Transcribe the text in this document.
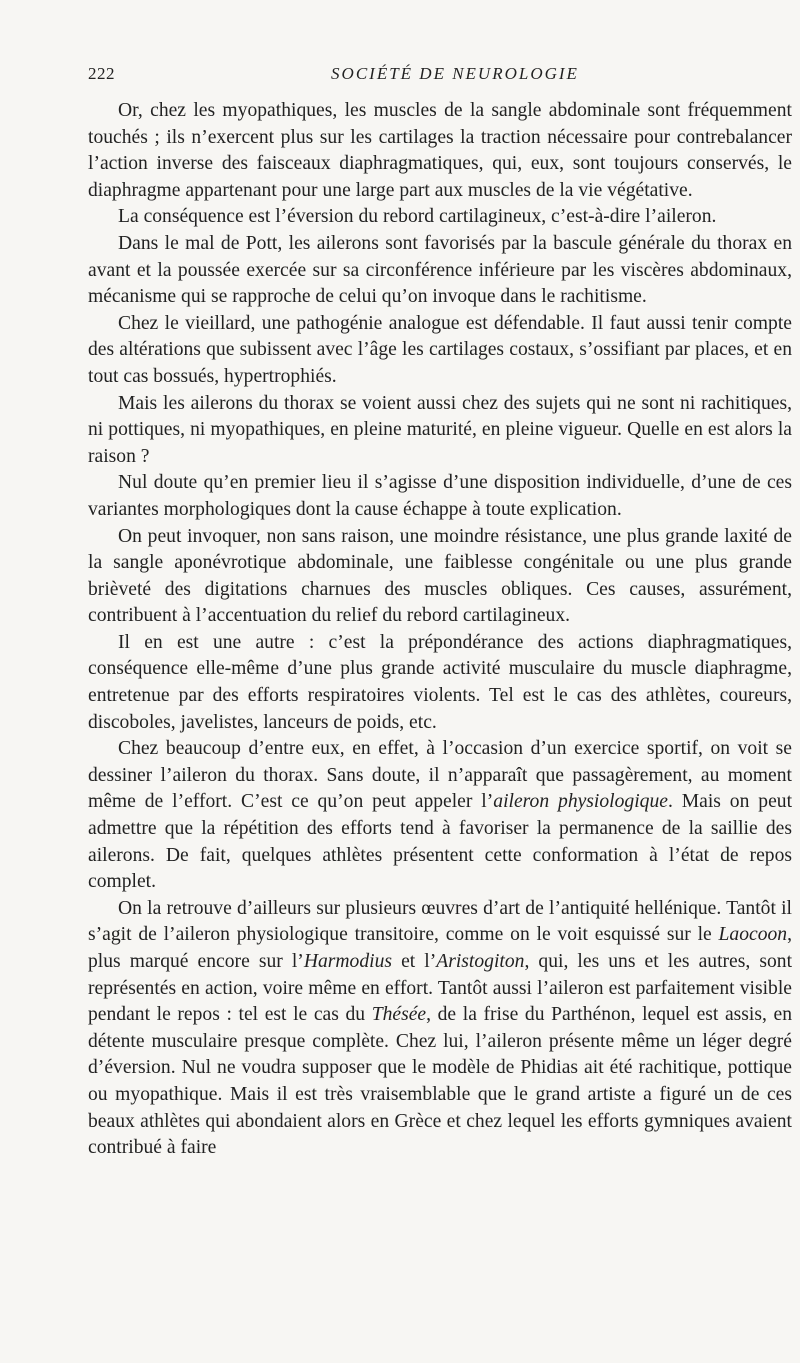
222	SOCIÉTÉ DE NEUROLOGIE

Or, chez les myopathiques, les muscles de la sangle abdominale sont fréquemment touchés ; ils n’exercent plus sur les cartilages la traction nécessaire pour contrebalancer l’action inverse des faisceaux diaphragmatiques, qui, eux, sont toujours conservés, le diaphragme appartenant pour une large part aux muscles de la vie végétative.

La conséquence est l’éversion du rebord cartilagineux, c’est-à-dire l’aileron.

Dans le mal de Pott, les ailerons sont favorisés par la bascule générale du thorax en avant et la poussée exercée sur sa circonférence inférieure par les viscères abdominaux, mécanisme qui se rapproche de celui qu’on invoque dans le rachitisme.

Chez le vieillard, une pathogénie analogue est défendable. Il faut aussi tenir compte des altérations que subissent avec l’âge les cartilages costaux, s’ossifiant par places, et en tout cas bossués, hypertrophiés.

Mais les ailerons du thorax se voient aussi chez des sujets qui ne sont ni rachitiques, ni pottiques, ni myopathiques, en pleine maturité, en pleine vigueur. Quelle en est alors la raison ?

Nul doute qu’en premier lieu il s’agisse d’une disposition individuelle, d’une de ces variantes morphologiques dont la cause échappe à toute explication.

On peut invoquer, non sans raison, une moindre résistance, une plus grande laxité de la sangle aponévrotique abdominale, une faiblesse congénitale ou une plus grande brièveté des digitations charnues des muscles obliques. Ces causes, assurément, contribuent à l’accentuation du relief du rebord cartilagineux.

Il en est une autre : c’est la prépondérance des actions diaphragmatiques, conséquence elle-même d’une plus grande activité musculaire du muscle diaphragme, entretenue par des efforts respiratoires violents. Tel est le cas des athlètes, coureurs, discoboles, javelistes, lanceurs de poids, etc.

Chez beaucoup d’entre eux, en effet, à l’occasion d’un exercice sportif, on voit se dessiner l’aileron du thorax. Sans doute, il n’apparaît que passagèrement, au moment même de l’effort. C’est ce qu’on peut appeler l’aileron physiologique. Mais on peut admettre que la répétition des efforts tend à favoriser la permanence de la saillie des ailerons. De fait, quelques athlètes présentent cette conformation à l’état de repos complet.

On la retrouve d’ailleurs sur plusieurs œuvres d’art de l’antiquité hellénique. Tantôt il s’agit de l’aileron physiologique transitoire, comme on le voit esquissé sur le Laocoon, plus marqué encore sur l’Harmodius et l’Aristogiton, qui, les uns et les autres, sont représentés en action, voire même en effort. Tantôt aussi l’aileron est parfaitement visible pendant le repos : tel est le cas du Thésée, de la frise du Parthénon, lequel est assis, en détente musculaire presque complète. Chez lui, l’aileron présente même un léger degré d’éversion. Nul ne voudra supposer que le modèle de Phidias ait été rachitique, pottique ou myopathique. Mais il est très vraisemblable que le grand artiste a figuré un de ces beaux athlètes qui abondaient alors en Grèce et chez lequel les efforts gymniques avaient contribué à faire
